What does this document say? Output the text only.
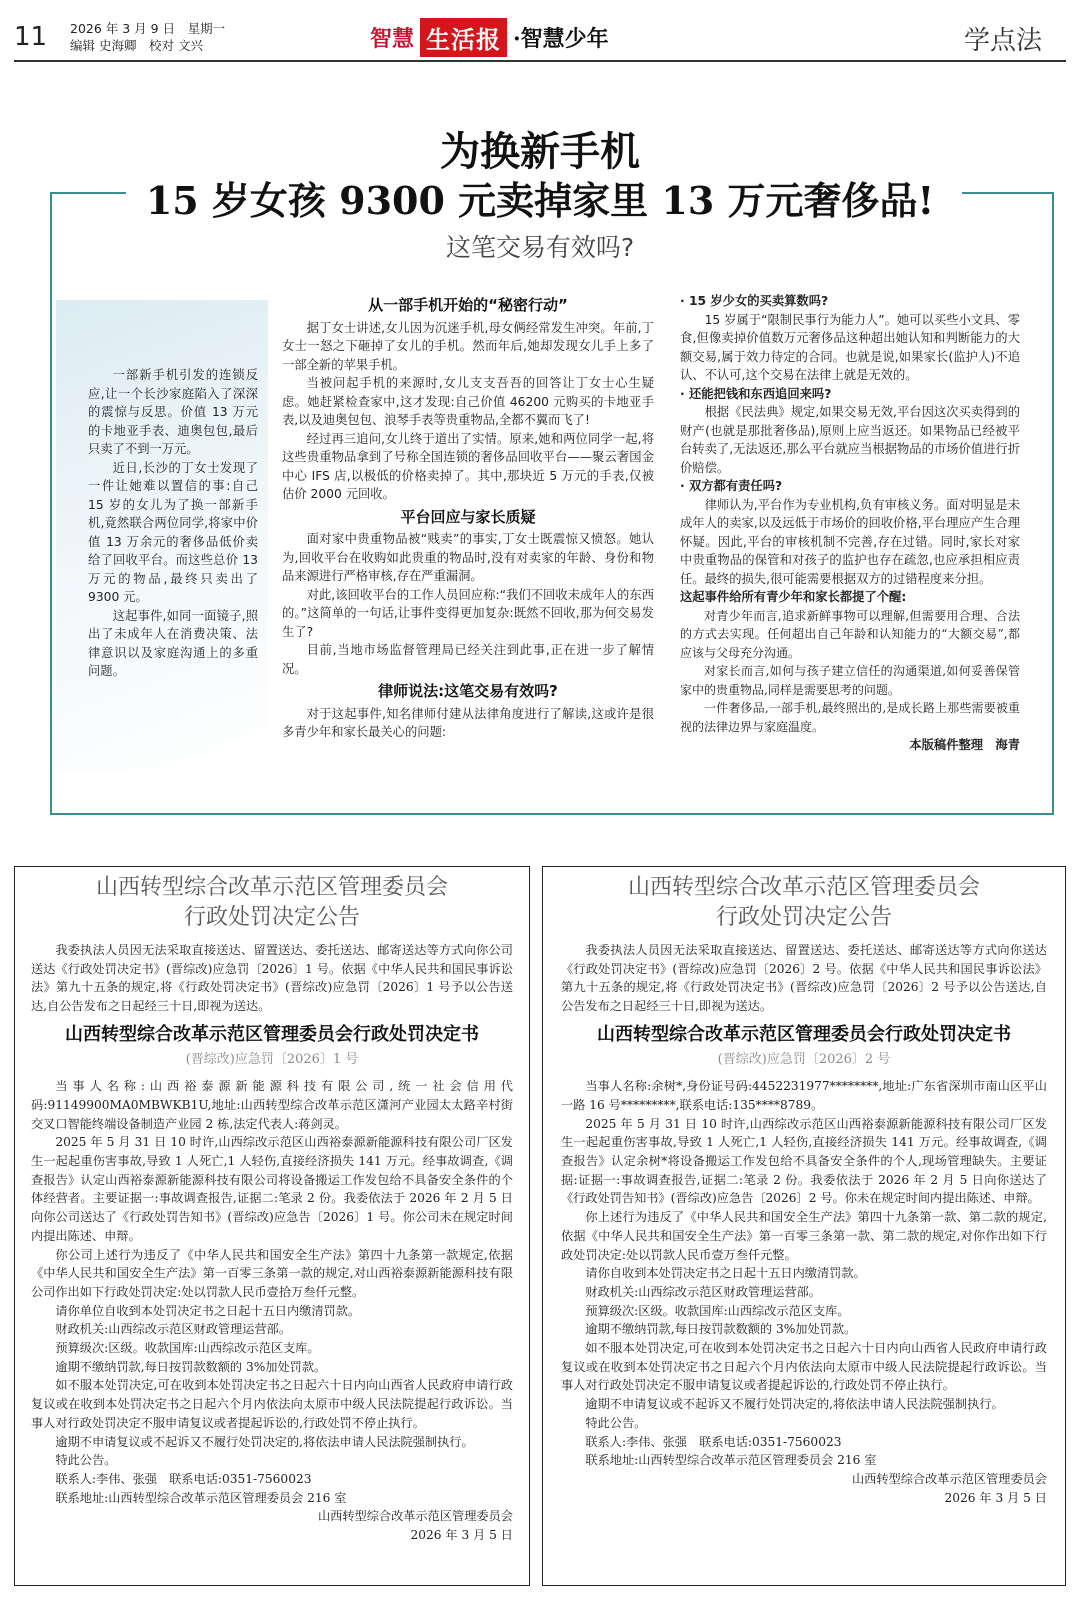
11 2026 年 3 月 9 日　星期一
编辑 史海卿　校对 文兴	智慧 生活报 ·智慧少年	学点法
为换新手机
15 岁女孩 9300 元卖掉家里 13 万元奢侈品!
这笔交易有效吗?

一部新手机引发的连锁反应,让一个长沙家庭陷入了深深的震惊与反思。价值 13 万元的卡地亚手表、迪奥包包,最后只卖了不到一万元。

近日,长沙的丁女士发现了一件让她难以置信的事:自己 15 岁的女儿为了换一部新手机,竟然联合两位同学,将家中价值 13 万余元的奢侈品低价卖给了回收平台。而这些总价 13 万元的物品,最终只卖出了 9300 元。

这起事件,如同一面镜子,照出了未成年人在消费决策、法律意识以及家庭沟通上的多重问题。

从一部手机开始的“秘密行动”

据丁女士讲述,女儿因为沉迷手机,母女俩经常发生冲突。年前,丁女士一怒之下砸掉了女儿的手机。然而年后,她却发现女儿手上多了一部全新的苹果手机。

当被问起手机的来源时,女儿支支吾吾的回答让丁女士心生疑虑。她赶紧检查家中,这才发现:自己价值 46200 元购买的卡地亚手表,以及迪奥包包、浪琴手表等贵重物品,全都不翼而飞了!

经过再三追问,女儿终于道出了实情。原来,她和两位同学一起,将这些贵重物品拿到了号称全国连锁的奢侈品回收平台——聚云奢国金中心 IFS 店,以极低的价格卖掉了。其中,那块近 5 万元的手表,仅被估价 2000 元回收。

平台回应与家长质疑

面对家中贵重物品被“贱卖”的事实,丁女士既震惊又愤怒。她认为,回收平台在收购如此贵重的物品时,没有对卖家的年龄、身份和物品来源进行严格审核,存在严重漏洞。

对此,该回收平台的工作人员回应称:“我们不回收未成年人的东西的。”这简单的一句话,让事件变得更加复杂:既然不回收,那为何交易发生了?

目前,当地市场监督管理局已经关注到此事,正在进一步了解情况。

律师说法:这笔交易有效吗?

对于这起事件,知名律师付建从法律角度进行了解读,这或许是很多青少年和家长最关心的问题:

· 15 岁少女的买卖算数吗?

15 岁属于“限制民事行为能力人”。她可以买些小文具、零食,但像卖掉价值数万元奢侈品这种超出她认知和判断能力的大额交易,属于效力待定的合同。也就是说,如果家长(监护人)不追认、不认可,这个交易在法律上就是无效的。

· 还能把钱和东西追回来吗?

根据《民法典》规定,如果交易无效,平台因这次买卖得到的财产(也就是那批奢侈品),原则上应当返还。如果物品已经被平台转卖了,无法返还,那么平台就应当根据物品的市场价值进行折价赔偿。

· 双方都有责任吗?

律师认为,平台作为专业机构,负有审核义务。面对明显是未成年人的卖家,以及远低于市场价的回收价格,平台理应产生合理怀疑。因此,平台的审核机制不完善,存在过错。同时,家长对家中贵重物品的保管和对孩子的监护也存在疏忽,也应承担相应责任。最终的损失,很可能需要根据双方的过错程度来分担。

这起事件给所有青少年和家长都提了个醒:

对青少年而言,追求新鲜事物可以理解,但需要用合理、合法的方式去实现。任何超出自己年龄和认知能力的“大额交易”,都应该与父母充分沟通。

对家长而言,如何与孩子建立信任的沟通渠道,如何妥善保管家中的贵重物品,同样是需要思考的问题。

一件奢侈品,一部手机,最终照出的,是成长路上那些需要被重视的法律边界与家庭温度。

本版稿件整理　海青

山西转型综合改革示范区管理委员会
行政处罚决定公告

我委执法人员因无法采取直接送达、留置送达、委托送达、邮寄送达等方式向你公司送达《行政处罚决定书》(晋综改)应急罚〔2026〕1 号。依据《中华人民共和国民事诉讼法》第九十五条的规定,将《行政处罚决定书》(晋综改)应急罚〔2026〕1 号予以公告送达,自公告发布之日起经三十日,即视为送达。

山西转型综合改革示范区管理委员会行政处罚决定书
(晋综改)应急罚〔2026〕1 号

当事人名称:山西裕泰源新能源科技有限公司,统一社会信用代码:91149900MA0MBWKB1U,地址:山西转型综合改革示范区潇河产业园太太路辛村街交叉口智能终端设备制造产业园 2 栋,法定代表人:蒋剑灵。

2025 年 5 月 31 日 10 时许,山西综改示范区山西裕泰源新能源科技有限公司厂区发生一起起重伤害事故,导致 1 人死亡,1 人轻伤,直接经济损失 141 万元。经事故调查,《调查报告》认定山西裕泰源新能源科技有限公司将设备搬运工作发包给不具备安全条件的个体经营者。主要证据一:事故调查报告,证据二:笔录 2 份。我委依法于 2026 年 2 月 5 日向你公司送达了《行政处罚告知书》(晋综改)应急告〔2026〕1 号。你公司未在规定时间内提出陈述、申辩。

你公司上述行为违反了《中华人民共和国安全生产法》第四十九条第一款规定,依据《中华人民共和国安全生产法》第一百零三条第一款的规定,对山西裕泰源新能源科技有限公司作出如下行政处罚决定:处以罚款人民币壹拾万叁仟元整。

请你单位自收到本处罚决定书之日起十五日内缴清罚款。

财政机关:山西综改示范区财政管理运营部。

预算级次:区级。收款国库:山西综改示范区支库。

逾期不缴纳罚款,每日按罚款数额的 3%加处罚款。

如不服本处罚决定,可在收到本处罚决定书之日起六十日内向山西省人民政府申请行政复议或在收到本处罚决定书之日起六个月内依法向太原市中级人民法院提起行政诉讼。当事人对行政处罚决定不服申请复议或者提起诉讼的,行政处罚不停止执行。

逾期不申请复议或不起诉又不履行处罚决定的,将依法申请人民法院强制执行。

特此公告。

联系人:李伟、张强　联系电话:0351-7560023

联系地址:山西转型综合改革示范区管理委员会 216 室

山西转型综合改革示范区管理委员会

2026 年 3 月 5 日

山西转型综合改革示范区管理委员会
行政处罚决定公告

我委执法人员因无法采取直接送达、留置送达、委托送达、邮寄送达等方式向你送达《行政处罚决定书》(晋综改)应急罚〔2026〕2 号。依据《中华人民共和国民事诉讼法》第九十五条的规定,将《行政处罚决定书》(晋综改)应急罚〔2026〕2 号予以公告送达,自公告发布之日起经三十日,即视为送达。

山西转型综合改革示范区管理委员会行政处罚决定书
(晋综改)应急罚〔2026〕2 号

当事人名称:余树*,身份证号码:4452231977********,地址:广东省深圳市南山区平山一路 16 号*********,联系电话:135****8789。

2025 年 5 月 31 日 10 时许,山西综改示范区山西裕泰源新能源科技有限公司厂区发生一起起重伤害事故,导致 1 人死亡,1 人轻伤,直接经济损失 141 万元。经事故调查,《调查报告》认定余树*将设备搬运工作发包给不具备安全条件的个人,现场管理缺失。主要证据:证据一:事故调查报告,证据二:笔录 2 份。我委依法于 2026 年 2 月 5 日向你送达了《行政处罚告知书》(晋综改)应急告〔2026〕2 号。你未在规定时间内提出陈述、申辩。

你上述行为违反了《中华人民共和国安全生产法》第四十九条第一款、第二款的规定,依据《中华人民共和国安全生产法》第一百零三条第一款、第二款的规定,对你作出如下行政处罚决定:处以罚款人民币壹万叁仟元整。

请你自收到本处罚决定书之日起十五日内缴清罚款。

财政机关:山西综改示范区财政管理运营部。

预算级次:区级。收款国库:山西综改示范区支库。

逾期不缴纳罚款,每日按罚款数额的 3%加处罚款。

如不服本处罚决定,可在收到本处罚决定书之日起六十日内向山西省人民政府申请行政复议或在收到本处罚决定书之日起六个月内依法向太原市中级人民法院提起行政诉讼。当事人对行政处罚决定不服申请复议或者提起诉讼的,行政处罚不停止执行。

逾期不申请复议或不起诉又不履行处罚决定的,将依法申请人民法院强制执行。

特此公告。

联系人:李伟、张强　联系电话:0351-7560023

联系地址:山西转型综合改革示范区管理委员会 216 室

山西转型综合改革示范区管理委员会

2026 年 3 月 5 日
